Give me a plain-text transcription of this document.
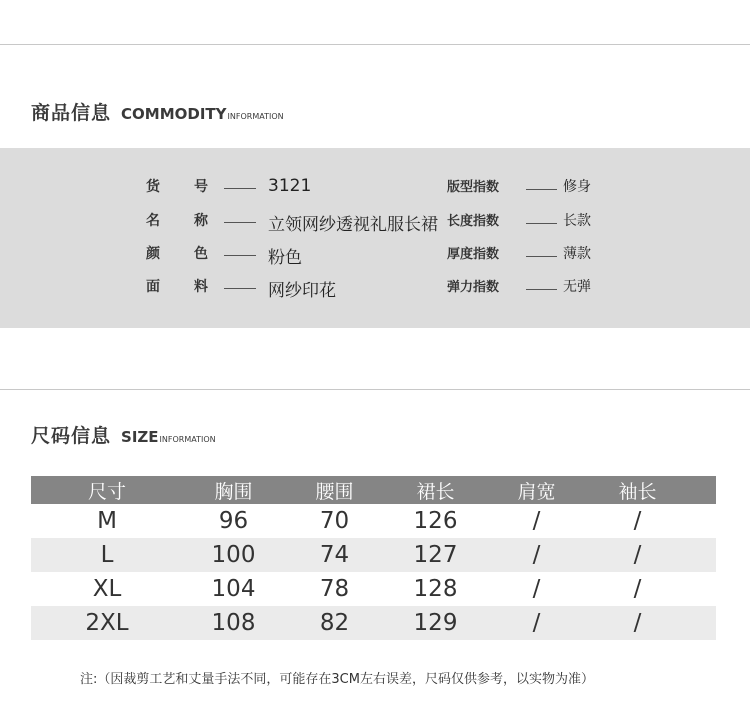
商品信息 COMMODITY INFORMATION
货 号	3121	版型指数	修身
名 称	立领网纱透视礼服长裙 长度指数	长款
颜 色	粉色	厚度指数	薄款
面 料	网纱印花	弹力指数	无弹
尺码信息 SIZE INFORMATION
尺寸	胸围	腰围	裙长	肩宽	袖长
M	96	70	126	/	/
L	100	74	127	/	/
XL	104	78	128	/	/
2XL	108	82	129	/	/
注:（因裁剪工艺和丈量手法不同，可能存在3CM左右误差，尺码仅供参考，以实物为准）
